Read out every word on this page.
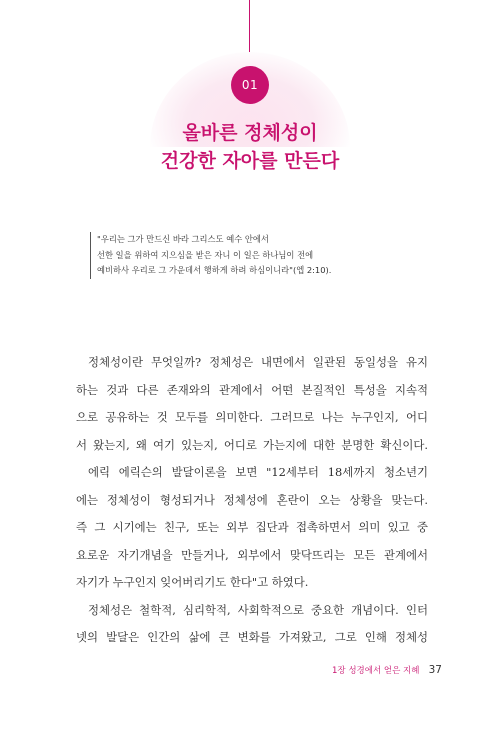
01
올바른 정체성이
건강한 자아를 만든다
"우리는 그가 만드신 바라 그리스도 예수 안에서
선한 일을 위하여 지으심을 받은 자니 이 일은 하나님이 전에
예비하사 우리로 그 가운데서 행하게 하려 하심이니라"(엡 2:10).
정체성이란 무엇일까? 정체성은 내면에서 일관된 동일성을 유지
하는 것과 다른 존재와의 관계에서 어떤 본질적인 특성을 지속적
으로 공유하는 것 모두를 의미한다. 그러므로 나는 누구인지, 어디
서 왔는지, 왜 여기 있는지, 어디로 가는지에 대한 분명한 확신이다.
에릭 에릭슨의 발달이론을 보면 "12세부터 18세까지 청소년기
에는 정체성이 형성되거나 정체성에 혼란이 오는 상황을 맞는다.
즉 그 시기에는 친구, 또는 외부 집단과 접촉하면서 의미 있고 중
요로운 자기개념을 만들거나, 외부에서 맞닥뜨리는 모든 관계에서
자기가 누구인지 잊어버리기도 한다"고 하였다.
정체성은 철학적, 심리학적, 사회학적으로 중요한 개념이다. 인터
넷의 발달은 인간의 삶에 큰 변화를 가져왔고, 그로 인해 정체성
1장 성경에서 얻은 지혜 37
